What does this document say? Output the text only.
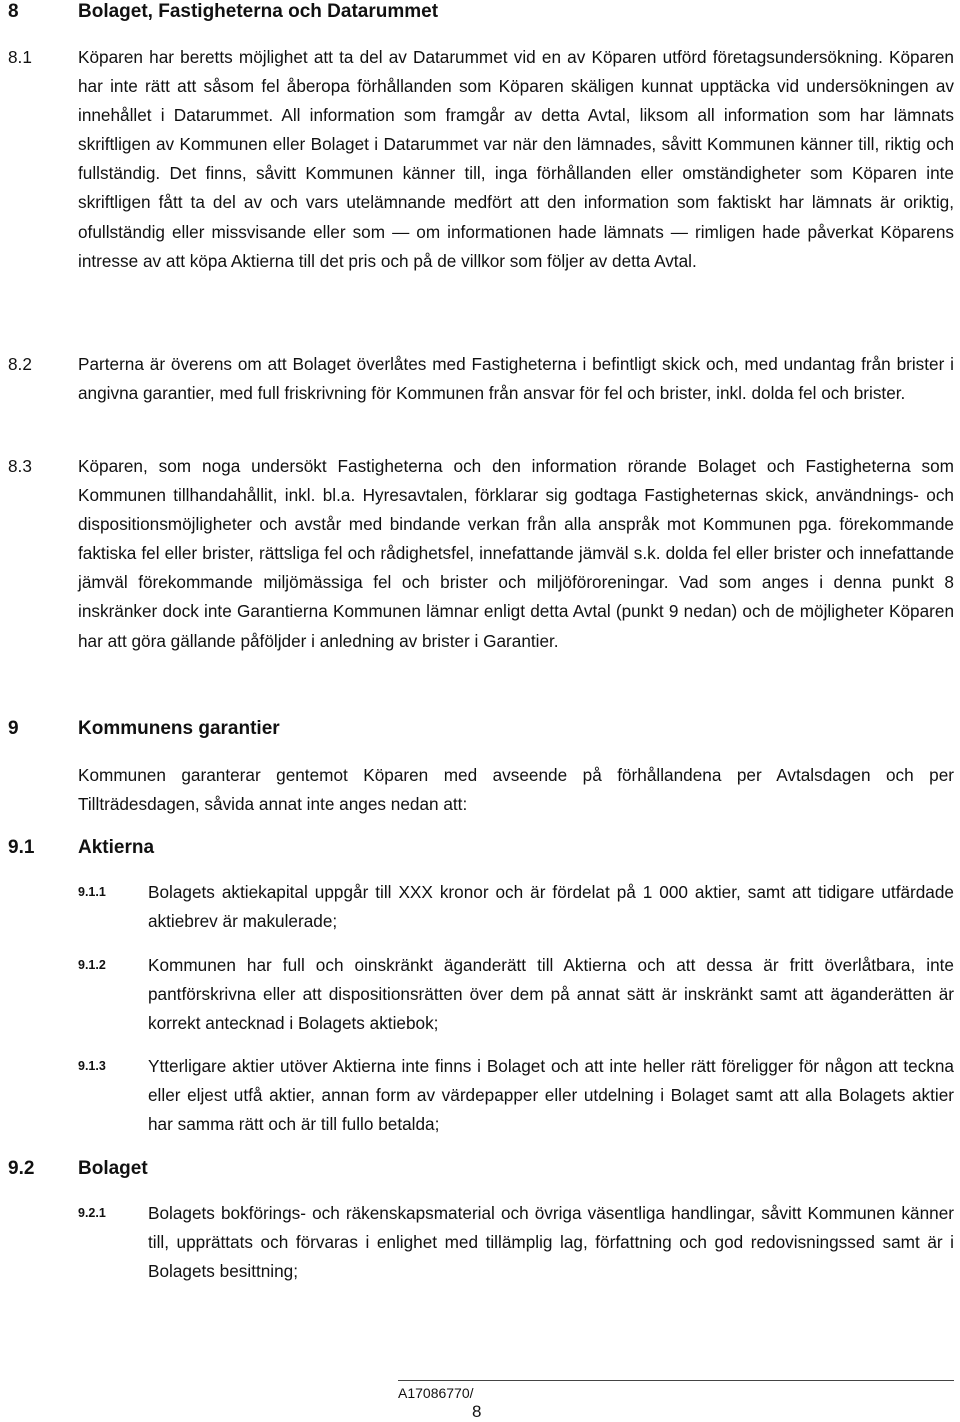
8	Bolaget, Fastigheterna och Datarummet
8.1	Köparen har beretts möjlighet att ta del av Datarummet vid en av Köparen utförd företagsundersökning. Köparen har inte rätt att såsom fel åberopa förhållanden som Köparen skäligen kunnat upptäcka vid undersökningen av innehållet i Datarummet. All information som framgår av detta Avtal, liksom all information som har lämnats skriftligen av Kommunen eller Bolaget i Datarummet var när den lämnades, såvitt Kommunen känner till, riktig och fullständig. Det finns, såvitt Kommunen känner till, inga förhållanden eller omständigheter som Köparen inte skriftligen fått ta del av och vars utelämnande medfört att den information som faktiskt har lämnats är oriktig, ofullständig eller missvisande eller som — om informationen hade lämnats — rimligen hade påverkat Köparens intresse av att köpa Aktierna till det pris och på de villkor som följer av detta Avtal.
8.2	Parterna är överens om att Bolaget överlåtes med Fastigheterna i befintligt skick och, med undantag från brister i angivna garantier, med full friskrivning för Kommunen från ansvar för fel och brister, inkl. dolda fel och brister.
8.3	Köparen, som noga undersökt Fastigheterna och den information rörande Bolaget och Fastigheterna som Kommunen tillhandahållit, inkl. bl.a. Hyresavtalen, förklarar sig godtaga Fastigheternas skick, användnings- och dispositionsmöjligheter och avstår med bindande verkan från alla anspråk mot Kommunen pga. förekommande faktiska fel eller brister, rättsliga fel och rådighetsfel, innefattande jämväl s.k. dolda fel eller brister och innefattande jämväl förekommande miljömässiga fel och brister och miljöföroreningar. Vad som anges i denna punkt 8 inskränker dock inte Garantierna Kommunen lämnar enligt detta Avtal (punkt 9 nedan) och de möjligheter Köparen har att göra gällande påföljder i anledning av brister i Garantier.
9	Kommunens garantier
Kommunen garanterar gentemot Köparen med avseende på förhållandena per Avtalsdagen och per Tillträdesdagen, såvida annat inte anges nedan att:
9.1 Aktierna
9.1.1 Bolagets aktiekapital uppgår till XXX kronor och är fördelat på 1 000 aktier, samt att tidigare utfärdade aktiebrev är makulerade;
9.1.2 Kommunen har full och oinskränkt äganderätt till Aktierna och att dessa är fritt överlåtbara, inte pantförskrivna eller att dispositionsrätten över dem på annat sätt är inskränkt samt att äganderätten är korrekt antecknad i Bolagets aktiebok;
9.1.3 Ytterligare aktier utöver Aktierna inte finns i Bolaget och att inte heller rätt föreligger för någon att teckna eller eljest utfå aktier, annan form av värdepapper eller utdelning i Bolaget samt att alla Bolagets aktier har samma rätt och är till fullo betalda;
9.2 Bolaget
9.2.1 Bolagets bokförings- och räkenskapsmaterial och övriga väsentliga handlingar, såvitt Kommunen känner till, upprättats och förvaras i enlighet med tillämplig lag, författning och god redovisningssed samt är i Bolagets besittning;
A17086770/
8
